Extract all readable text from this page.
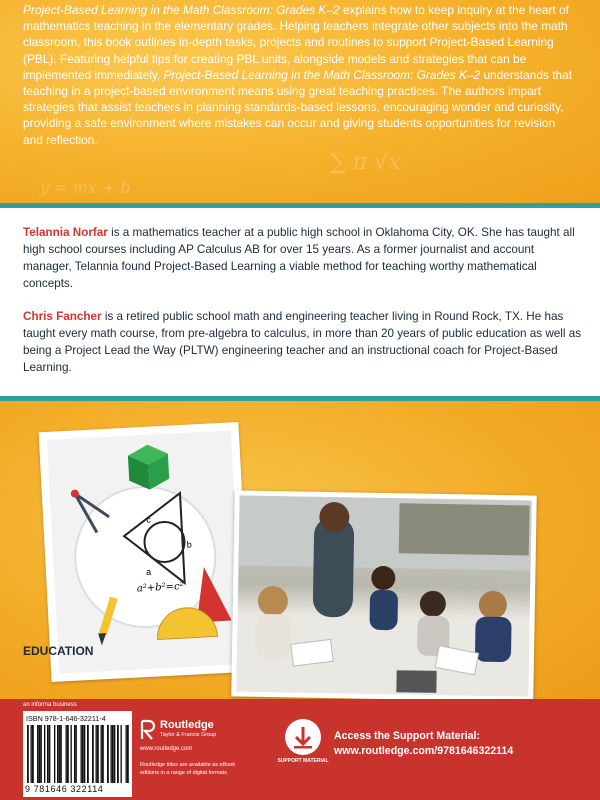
∑ π √x
y = mx + b

Project-Based Learning in the Math Classroom: Grades K–2 explains how to keep inquiry at the heart of mathematics teaching in the elementary grades. Helping teachers integrate other subjects into the math classroom, this book outlines in-depth tasks, projects and routines to support Project-Based Learning (PBL). Featuring helpful tips for creating PBL units, alongside models and strategies that can be implemented immediately, Project-Based Learning in the Math Classroom: Grades K–2 understands that teaching in a project-based environment means using great teaching practices. The authors impart strategies that assist teachers in planning standards-based lessons, encouraging wonder and curiosity, providing a safe environment where mistakes can occur and giving students opportunities for revision and reflection.

Telannia Norfar is a mathematics teacher at a public high school in Oklahoma City, OK. She has taught all high school courses including AP Calculus AB for over 15 years. As a former journalist and account manager, Telannia found Project-Based Learning a viable method for teaching worthy mathematical concepts.

Chris Fancher is a retired public school math and engineering teacher living in Round Rock, TX. He has taught every math course, from pre-algebra to calculus, in more than 20 years of public education as well as being a Project Lead the Way (PLTW) engineering teacher and an instructional coach for Project-Based Learning.

c
b
a
a²+b²=c²
EDUCATION
an informa business
ISBN 978-1-646-32211-4
9 781646 322114
Routledge
Taylor & Francis Group
www.routledge.com
Routledge titles are available as eBook editions in a range of digital formats
SUPPORT MATERIAL
Access the Support Material:
www.routledge.com/9781646322114
